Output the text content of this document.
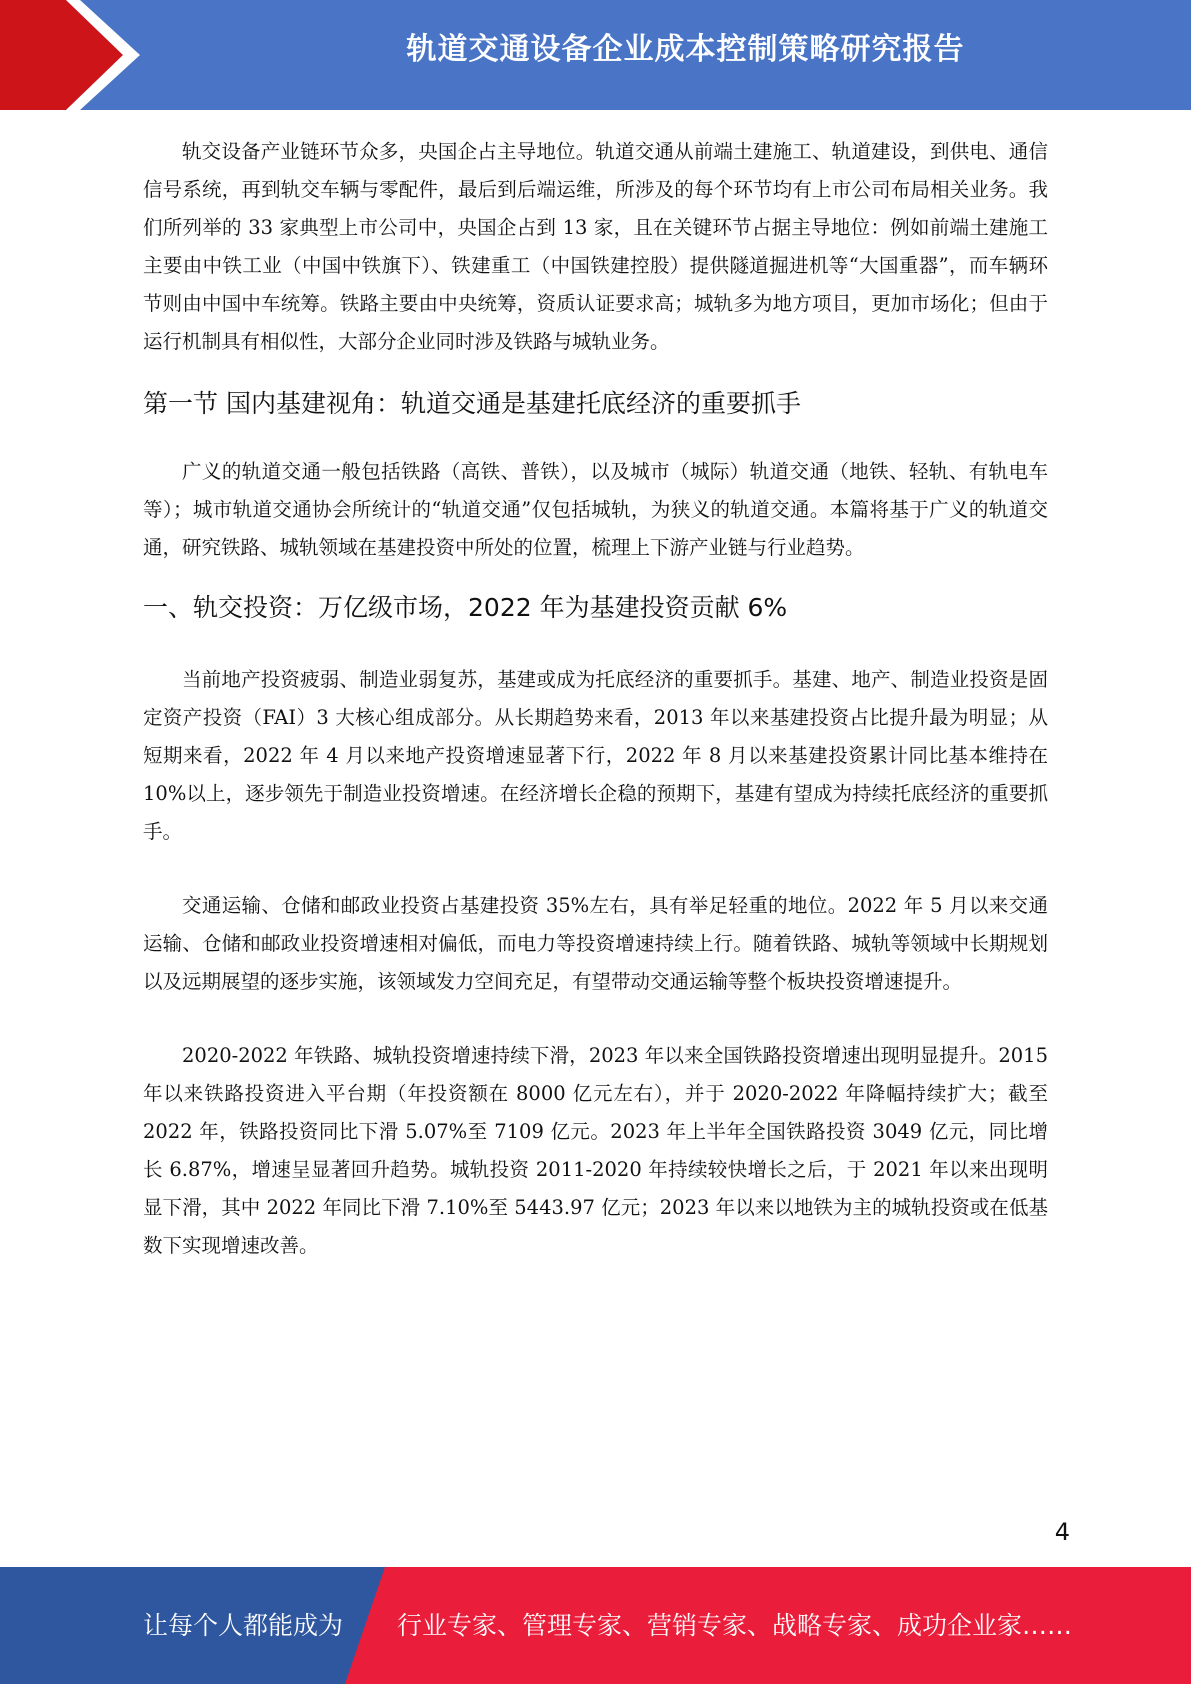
轨道交通设备企业成本控制策略研究报告

轨交设备产业链环节众多，央国企占主导地位。轨道交通从前端土建施工、轨道建设，到供电、通信信号系统，再到轨交车辆与零配件，最后到后端运维，所涉及的每个环节均有上市公司布局相关业务。我们所列举的 33 家典型上市公司中，央国企占到 13 家，且在关键环节占据主导地位：例如前端土建施工主要由中铁工业（中国中铁旗下）、铁建重工（中国铁建控股）提供隧道掘进机等“大国重器”，而车辆环节则由中国中车统筹。铁路主要由中央统筹，资质认证要求高；城轨多为地方项目，更加市场化；但由于运行机制具有相似性，大部分企业同时涉及铁路与城轨业务。

第一节 国内基建视角：轨道交通是基建托底经济的重要抓手

广义的轨道交通一般包括铁路（高铁、普铁），以及城市（城际）轨道交通（地铁、轻轨、有轨电车等）；城市轨道交通协会所统计的“轨道交通”仅包括城轨，为狭义的轨道交通。本篇将基于广义的轨道交通，研究铁路、城轨领域在基建投资中所处的位置，梳理上下游产业链与行业趋势。

一、轨交投资：万亿级市场，2022 年为基建投资贡献 6%

当前地产投资疲弱、制造业弱复苏，基建或成为托底经济的重要抓手。基建、地产、制造业投资是固定资产投资（FAI）3 大核心组成部分。从长期趋势来看，2013 年以来基建投资占比提升最为明显；从短期来看，2022 年 4 月以来地产投资增速显著下行，2022 年 8 月以来基建投资累计同比基本维持在 10%以上，逐步领先于制造业投资增速。在经济增长企稳的预期下，基建有望成为持续托底经济的重要抓手。

交通运输、仓储和邮政业投资占基建投资 35%左右，具有举足轻重的地位。2022 年 5 月以来交通运输、仓储和邮政业投资增速相对偏低，而电力等投资增速持续上行。随着铁路、城轨等领域中长期规划以及远期展望的逐步实施，该领域发力空间充足，有望带动交通运输等整个板块投资增速提升。

2020-2022 年铁路、城轨投资增速持续下滑，2023 年以来全国铁路投资增速出现明显提升。2015 年以来铁路投资进入平台期（年投资额在 8000 亿元左右），并于 2020-2022 年降幅持续扩大；截至 2022 年，铁路投资同比下滑 5.07%至 7109 亿元。2023 年上半年全国铁路投资 3049 亿元，同比增长 6.87%，增速呈显著回升趋势。城轨投资 2011-2020 年持续较快增长之后，于 2021 年以来出现明显下滑，其中 2022 年同比下滑 7.10%至 5443.97 亿元；2023 年以来以地铁为主的城轨投资或在低基数下实现增速改善。

4
让每个人都能成为 行业专家、管理专家、营销专家、战略专家、成功企业家……
